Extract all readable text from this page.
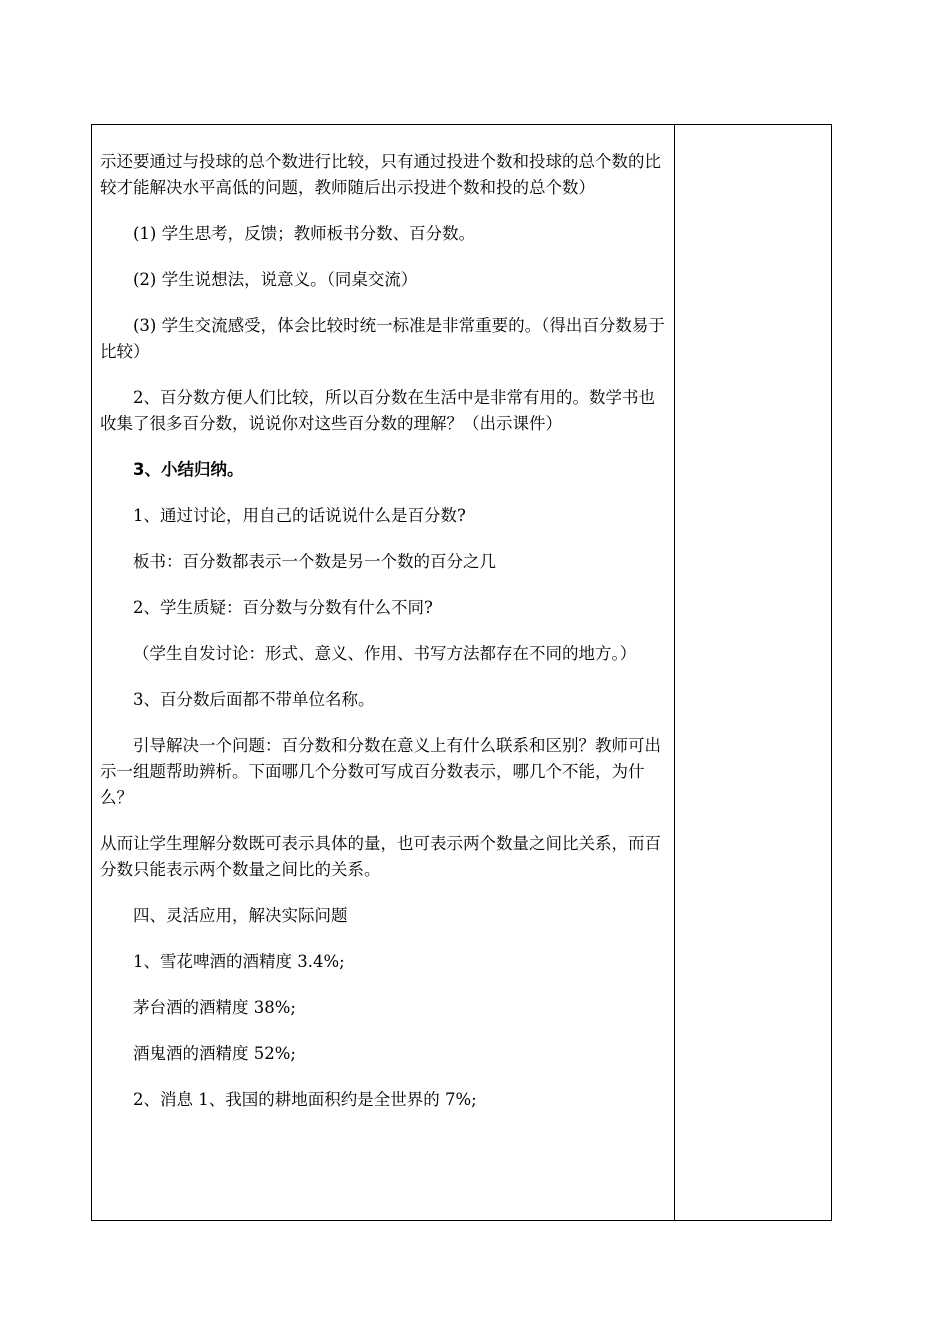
示还要通过与投球的总个数进行比较，只有通过投进个数和投球的总个数的比较才能解决水平高低的问题，教师随后出示投进个数和投的总个数）

(1) 学生思考，反馈；教师板书分数、百分数。

(2) 学生说想法，说意义。（同桌交流）

(3) 学生交流感受，体会比较时统一标准是非常重要的。（得出百分数易于比较）

2、百分数方便人们比较，所以百分数在生活中是非常有用的。数学书也收集了很多百分数，说说你对这些百分数的理解？（出示课件）

3、小结归纳。

1、通过讨论，用自己的话说说什么是百分数?

板书：百分数都表示一个数是另一个数的百分之几

2、学生质疑：百分数与分数有什么不同?

（学生自发讨论：形式、意义、作用、书写方法都存在不同的地方。）

3、百分数后面都不带单位名称。

引导解决一个问题：百分数和分数在意义上有什么联系和区别？教师可出示一组题帮助辨析。下面哪几个分数可写成百分数表示，哪几个不能，为什么？

从而让学生理解分数既可表示具体的量，也可表示两个数量之间比关系，而百分数只能表示两个数量之间比的关系。

四、灵活应用，解决实际问题

1、雪花啤酒的酒精度 3.4%;

茅台酒的酒精度 38%;

酒鬼酒的酒精度 52%;

2、消息 1、我国的耕地面积约是全世界的 7%;
